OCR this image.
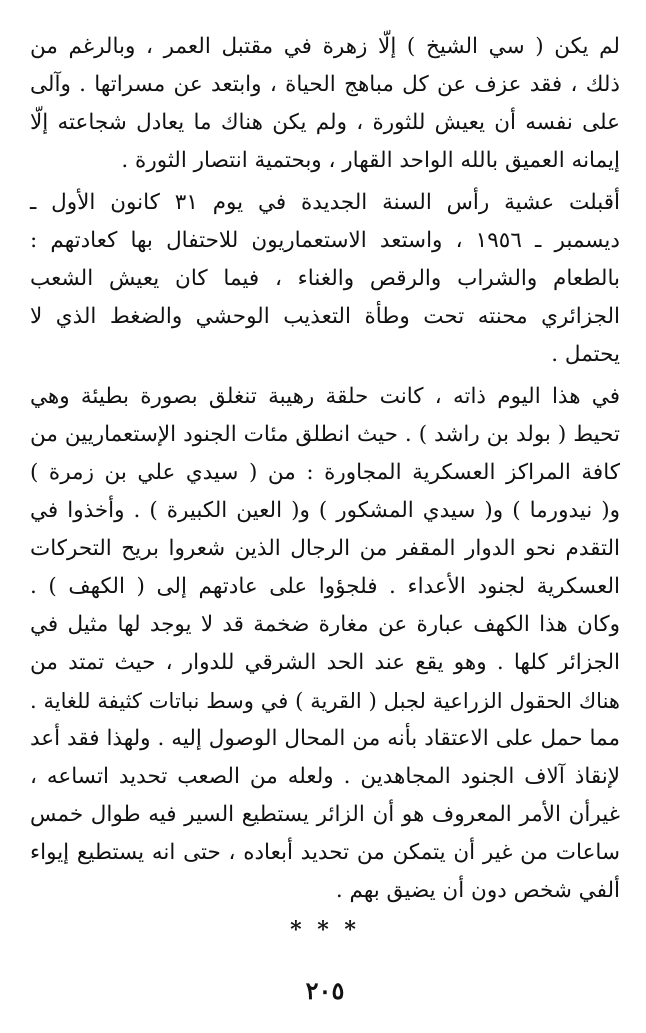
لم يكن ( سي الشيخ ) إلّا زهرة في مقتبل العمر ، وبالرغم من
ذلك ، فقد عزف عن كل مباهج الحياة ، وابتعد عن مسراتها . وآلى
على نفسه أن يعيش للثورة ، ولم يكن هناك ما يعادل شجاعته إلّا
إيمانه العميق بالله الواحد القهار ، وبحتمية انتصار الثورة .
أقبلت عشية رأس السنة الجديدة في يوم ٣١ كانون الأول ـ
ديسمبر ـ ١٩٥٦ ، واستعد الاستعماريون للاحتفال بها كعادتهم :
بالطعام والشراب والرقص والغناء ، فيما كان يعيش الشعب
الجزائري محنته تحت وطأة التعذيب الوحشي والضغط الذي لا
يحتمل .
في هذا اليوم ذاته ، كانت حلقة رهيبة تنغلق بصورة بطيئة وهي
تحيط ( بولد بن راشد ) . حيث انطلق مئات الجنود الإستعماريين من
كافة المراكز العسكرية المجاورة : من ( سيدي علي بن زمرة )
و( نيدورما ) و( سيدي المشكور ) و( العين الكبيرة ) . وأخذوا في
التقدم نحو الدوار المقفر من الرجال الذين شعروا بريح التحركات
العسكرية لجنود الأعداء . فلجؤوا على عادتهم إلى ( الكهف ) .
وكان هذا الكهف عبارة عن مغارة ضخمة قد لا يوجد لها مثيل في
الجزائر كلها . وهو يقع عند الحد الشرقي للدوار ، حيث تمتد من
هناك الحقول الزراعية لجبل ( القرية ) في وسط نباتات كثيفة للغاية .
مما حمل على الاعتقاد بأنه من المحال الوصول إليه . ولهذا فقد أعد
لإنقاذ آلاف الجنود المجاهدين . ولعله من الصعب تحديد اتساعه ،
غيرأن الأمر المعروف هو أن الزائر يستطيع السير فيه طوال خمس
ساعات من غير أن يتمكن من تحديد أبعاده ، حتى انه يستطيع إيواء
ألفي شخص دون أن يضيق بهم .
* * *
٢٠٥
